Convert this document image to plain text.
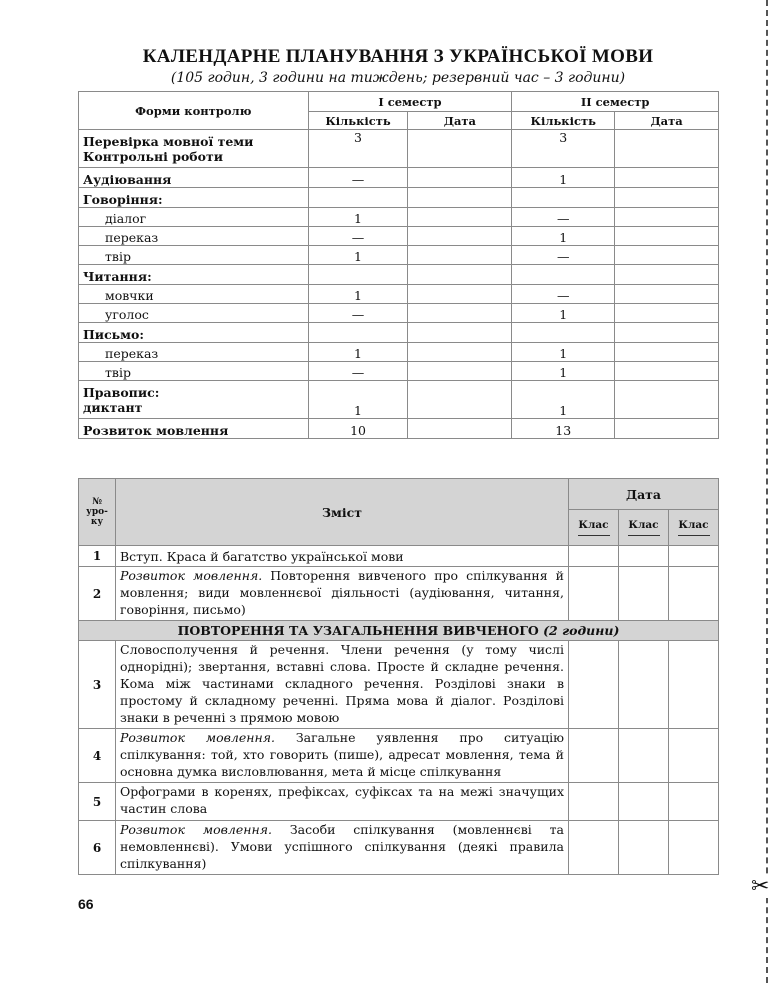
✂
КАЛЕНДАРНЕ ПЛАНУВАННЯ З УКРАЇНСЬКОЇ МОВИ
(105 годин, 3 години на тиждень; резервний час – 3 години)
Форми контролю	І семестр		ІІ семестр	
	Кількість	Дата	Кількість	Дата
Перевірка мовної теми
Контрольні роботи	3		3	
Аудіювання	—		1	
Говоріння:				
діалог	1		—	
переказ	—		1	
твір	1		—	
Читання:				
мовчки	1		—	
уголос	—		1	
Письмо:				
переказ	1		1	
твір	—		1	
Правопис:
диктант	1		1	
Розвиток мовлення	10		13	
№ уро-ку	Зміст	Дата		

		Клас	Клас	Клас

1	Вступ. Краса й багатство української мови			
2	Розвиток мовлення. Повторення вивченого про спілкування й мовлення; види мовленнєвої діяльності (аудіювання, читання, говоріння, письмо)			
ПОВТОРЕННЯ ТА УЗАГАЛЬНЕННЯ ВИВЧЕНОГО (2 години)				
3	Словосполучення й речення. Члени речення (у тому числі однорідні); звертання, вставні слова. Просте й складне речення. Кома між частинами складного речення. Розділові знаки в простому й складному реченні. Пряма мова й діалог. Розділові знаки в реченні з прямою мовою			
4	Розвиток мовлення. Загальне уявлення про ситуацію спілкування: той, хто говорить (пише), адресат мовлення, тема й основна думка висловлювання, мета й місце спілкування			
5	Орфограми в коренях, префіксах, суфіксах та на межі значущих частин слова			
6	Розвиток мовлення. Засоби спілкування (мовленнєві та немовленнєві). Умови успішного спілкування (деякі правила спілкування)			
66
